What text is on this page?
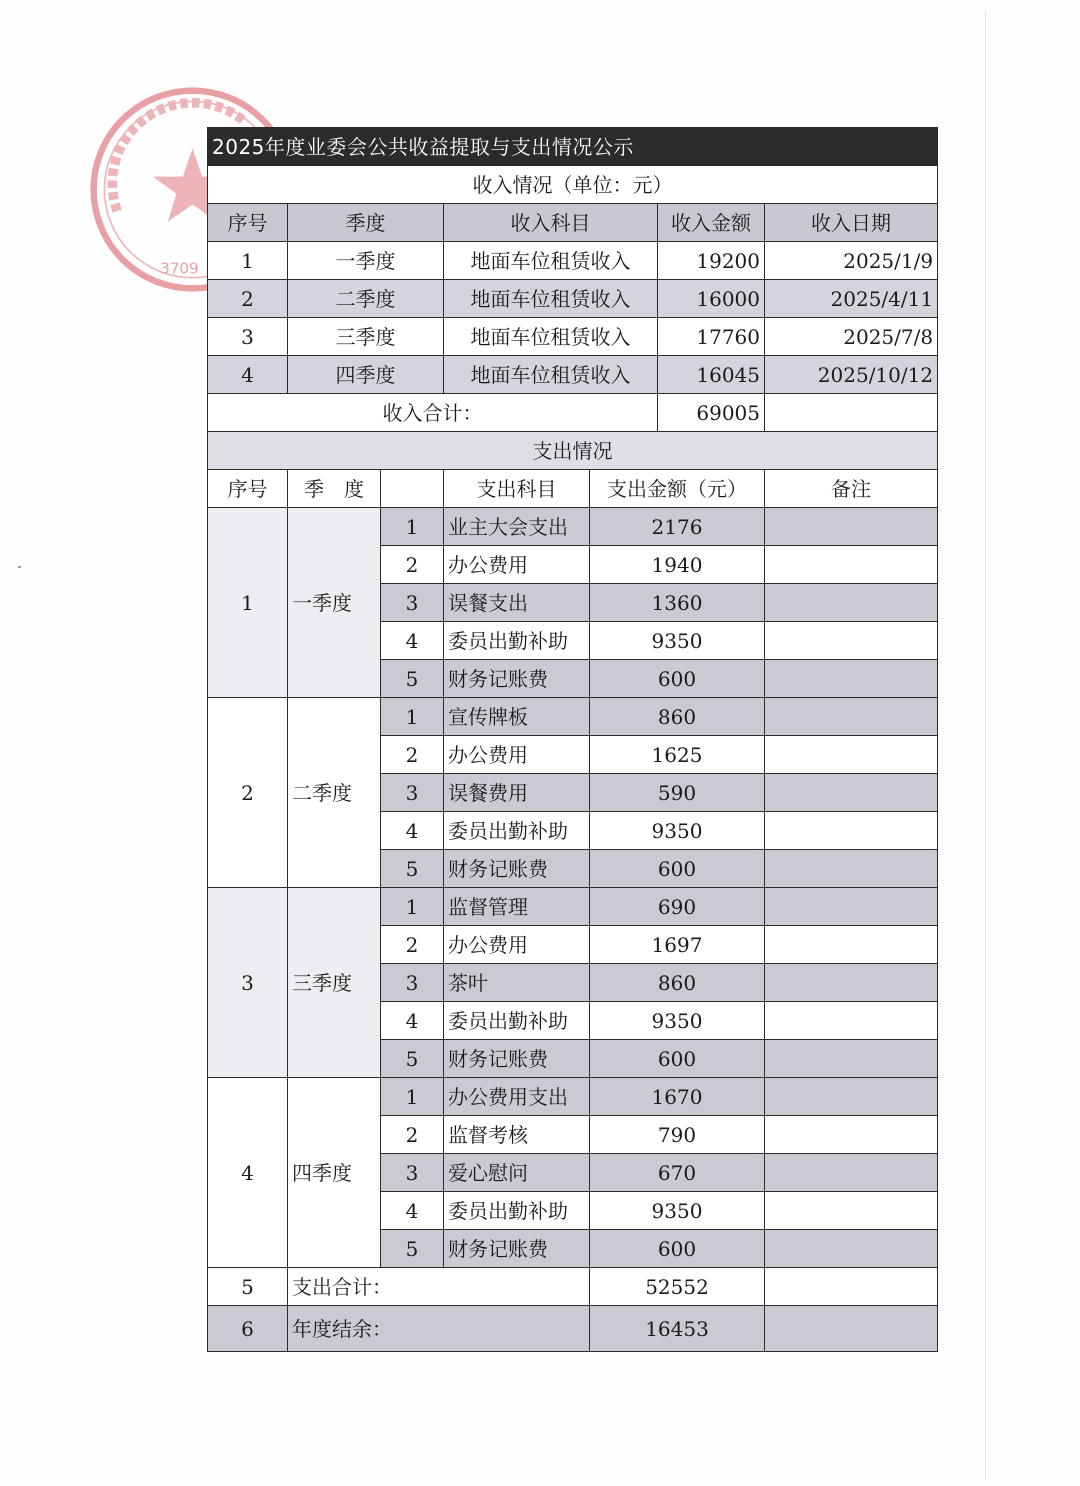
3709
2025年度业委会公共收益提取与支出情况公示						
收入情况（单位：元）						
序号	季度		收入科目		收入金额	收入日期
1	一季度		地面车位租赁收入		19200	2025/1/9
2	二季度		地面车位租赁收入		16000	2025/4/11
3	三季度		地面车位租赁收入		17760	2025/7/8
4	四季度		地面车位租赁收入		16045	2025/10/12
收入合计：					69005	
支出情况						
序号	季　度		支出科目	支出金额（元）		备注
1	一季度	1	业主大会支出	2176		
		2	办公费用	1940		
		3	误餐支出	1360		
		4	委员出勤补助	9350		
		5	财务记账费	600		
2	二季度	1	宣传牌板	860		
		2	办公费用	1625		
		3	误餐费用	590		
		4	委员出勤补助	9350		
		5	财务记账费	600		
3	三季度	1	监督管理	690		
		2	办公费用	1697		
		3	茶叶	860		
		4	委员出勤补助	9350		
		5	财务记账费	600		
4	四季度	1	办公费用支出	1670		
		2	监督考核	790		
		3	爱心慰问	670		
		4	委员出勤补助	9350		
		5	财务记账费	600		
5	支出合计：			52552		
6	年度结余：			16453		
